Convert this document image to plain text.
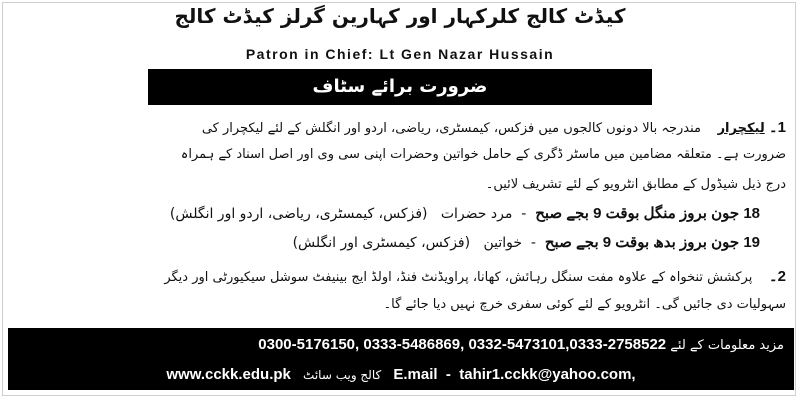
کیڈٹ کالج کلرکہار اور کہارین گرلز کیڈٹ کالج
Patron in Chief: Lt Gen Nazar Hussain
ضرورت برائے سٹاف
1۔ لیکچرار    مندرجہ بالا دونوں کالجوں میں فزکس، کیمسٹری، ریاضی، اردو اور انگلش کے لئے لیکچرار کی
ضرورت ہے۔ متعلقہ مضامین میں ماسٹر ڈگری کے حامل خواتین وحضرات اپنی سی وی اور اصل اسناد کے ہمراہ
درج ذیل شیڈول کے مطابق انٹرویو کے لئے تشریف لائیں۔
18 جون بروز منگل بوقت 9 بجے صبح  -  مرد حضرات   (فزکس، کیمسٹری، ریاضی، اردو اور انگلش)
19 جون بروز بدھ بوقت 9 بجے صبح  -  خواتین   (فزکس، کیمسٹری اور انگلش)
2۔    پرکشش تنخواہ کے علاوہ مفت سنگل رہائش، کھانا، پراویڈنٹ فنڈ، اولڈ ایج بینیفٹ سوشل سیکیورٹی اور دیگر
سہولیات دی جائیں گی۔ انٹرویو کے لئے کوئی سفری خرچ نہیں دیا جائے گا۔
مزید معلومات کے لئے 0300-5176150, 0333-5486869, 0332-5473101,0333-2758522
www.cckk.edu.pk کالج ویب سائٹ E.mail  -  tahir1.cckk@yahoo.com,
